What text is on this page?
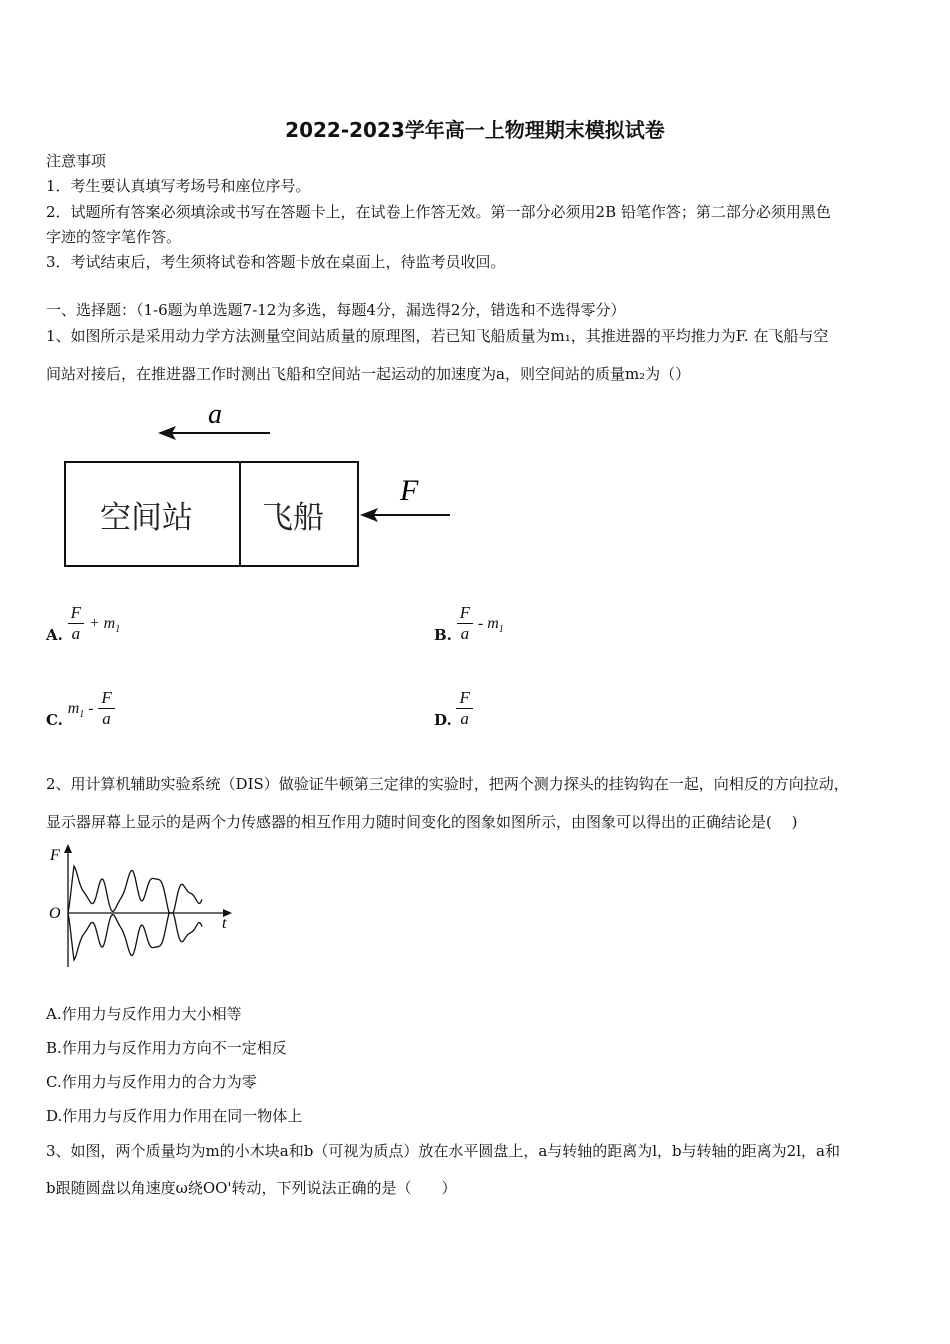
2022-2023学年高一上物理期末模拟试卷
注意事项
1．考生要认真填写考场号和座位序号。
2．试题所有答案必须填涂或书写在答题卡上，在试卷上作答无效。第一部分必须用2B 铅笔作答；第二部分必须用黑色
字迹的签字笔作答。
3．考试结束后，考生须将试卷和答题卡放在桌面上，待监考员收回。
一、选择题：（1-6题为单选题7-12为多选，每题4分，漏选得2分，错选和不选得零分）
1、如图所示是采用动力学方法测量空间站质量的原理图，若已知飞船质量为m₁，其推进器的平均推力为F. 在飞船与空
间站对接后，在推进器工作时测出飞船和空间站一起运动的加速度为a，则空间站的质量m₂为（）
a
空间站 飞船
F
A. $\frac{F}{a} + m_1$	B. $\frac{F}{a} - m_1$
C. $m_1 - \frac{F}{a}$	D. $\frac{F}{a}$
2、用计算机辅助实验系统（DIS）做验证牛顿第三定律的实验时，把两个测力探头的挂钩钩在一起，向相反的方向拉动，
显示器屏幕上显示的是两个力传感器的相互作用力随时间变化的图象如图所示，由图象可以得出的正确结论是(　 )
F
O
t
A.作用力与反作用力大小相等
B.作用力与反作用力方向不一定相反
C.作用力与反作用力的合力为零
D.作用力与反作用力作用在同一物体上
3、如图，两个质量均为m的小木块a和b（可视为质点）放在水平圆盘上，a与转轴的距离为l，b与转轴的距离为2l，a和
b跟随圆盘以角速度ω绕OO'转动，下列说法正确的是（　　）
